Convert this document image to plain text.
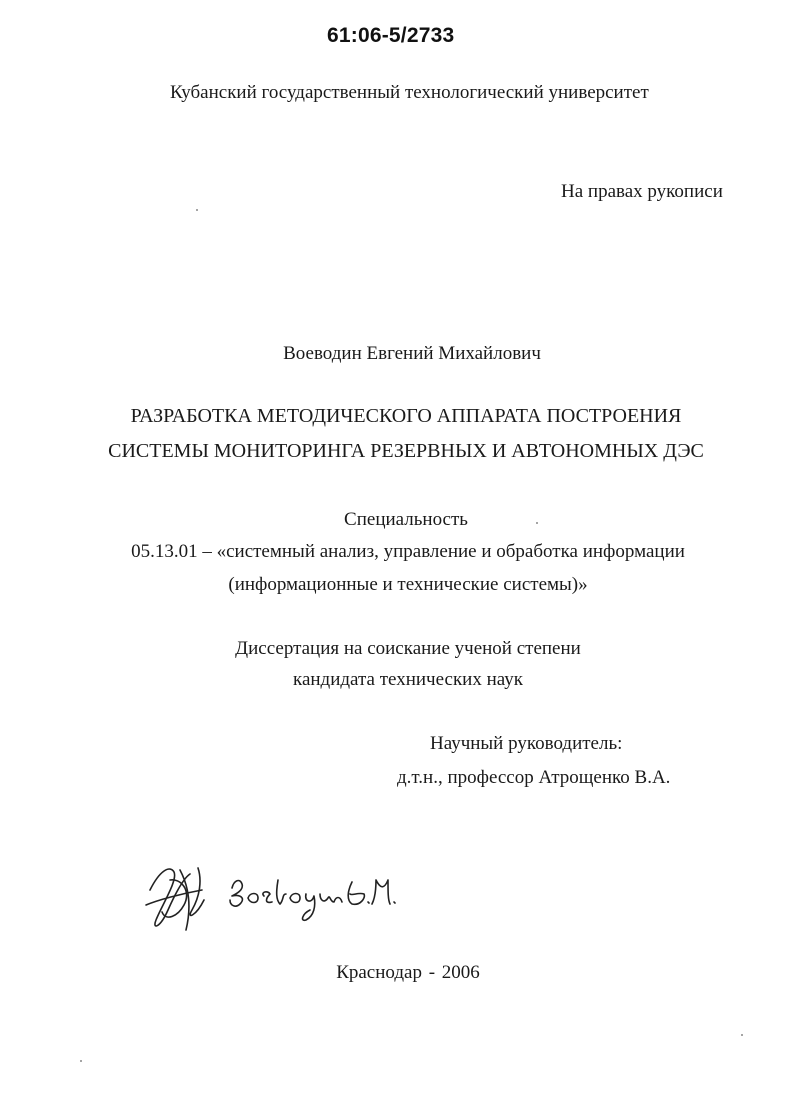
61:06-5/2733
Кубанский государственный технологический университет
На правах рукописи
Воеводин Евгений Михайлович
РАЗРАБОТКА МЕТОДИЧЕСКОГО АППАРАТА ПОСТРОЕНИЯ
СИСТЕМЫ МОНИТОРИНГА РЕЗЕРВНЫХ И АВТОНОМНЫХ ДЭС
Специальность
05.13.01 – «системный анализ, управление и обработка информации
(информационные и технические системы)»
Диссертация на соискание ученой степени
кандидата технических наук
Научный руководитель:
д.т.н., профессор Атрощенко В.А.
Краснодар - 2006
